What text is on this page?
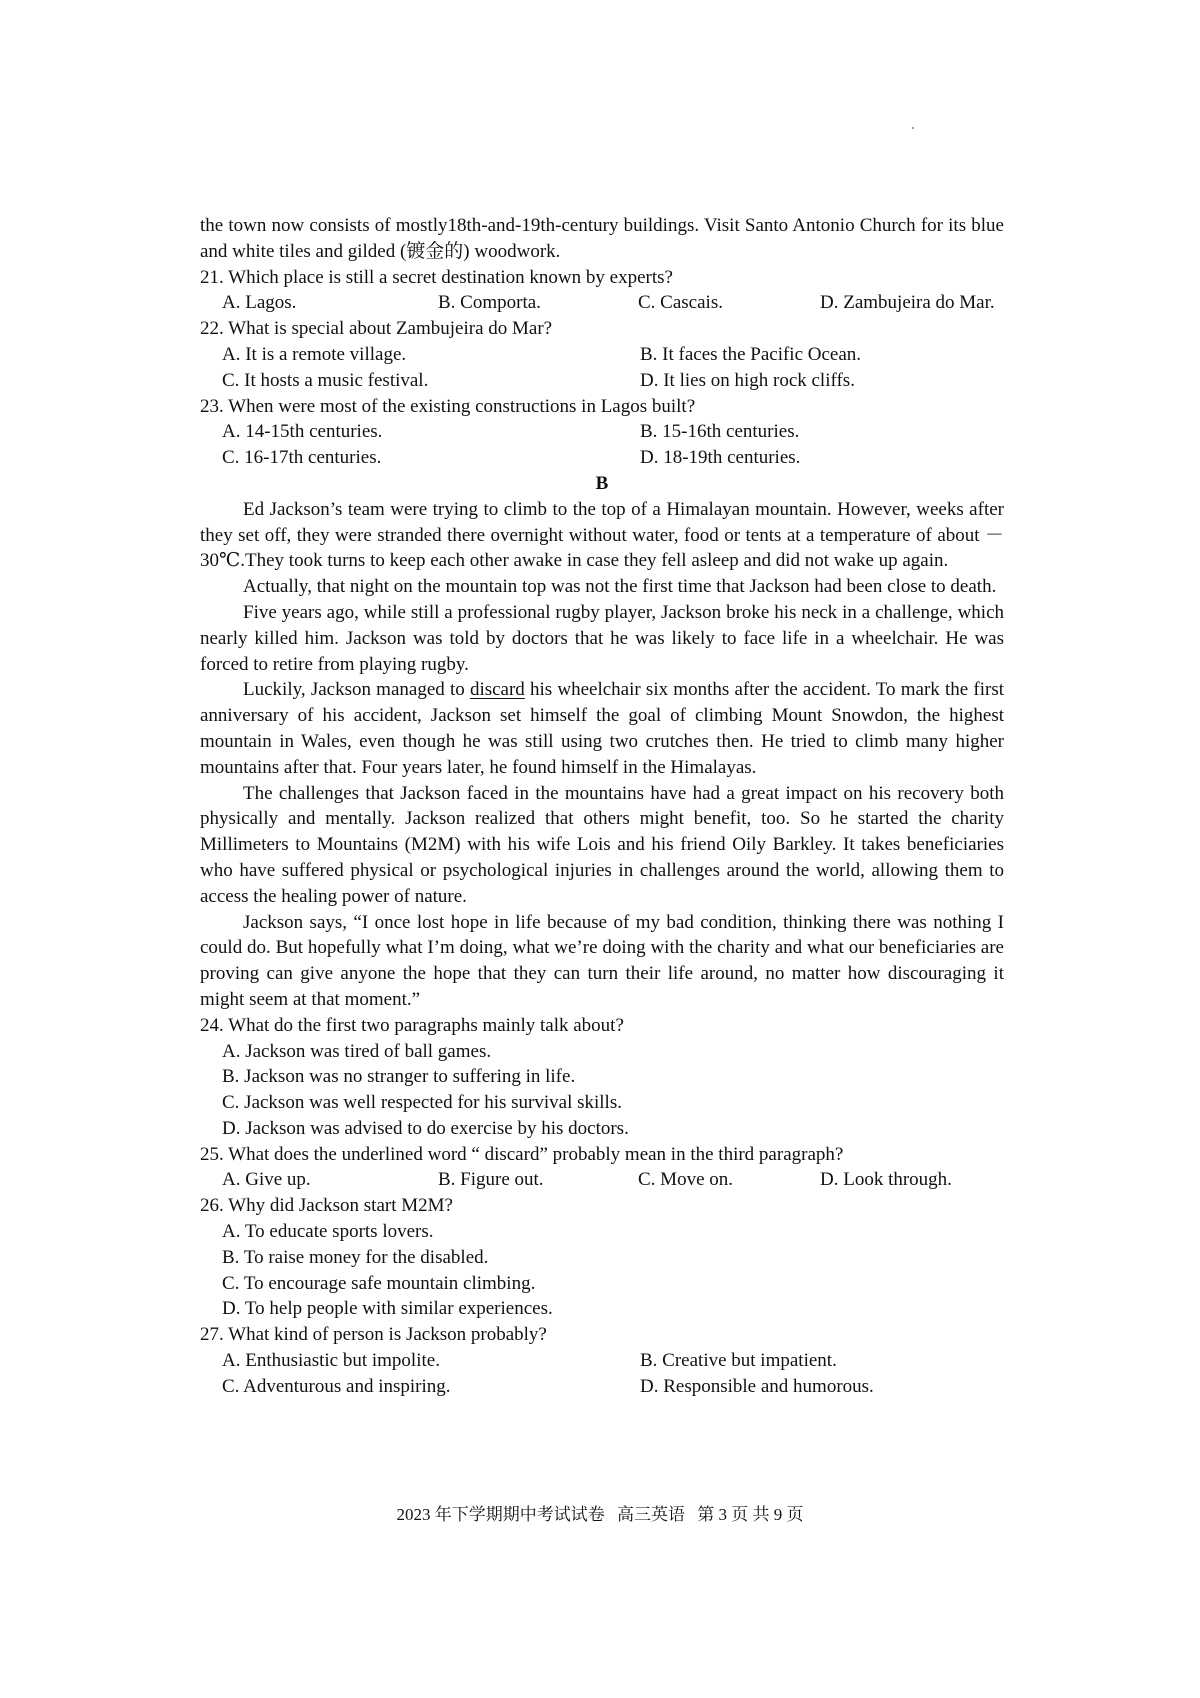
the town now consists of mostly18th-and-19th-century buildings. Visit Santo Antonio Church for its blue and white tiles and gilded (镀金的) woodwork.

21. Which place is still a secret destination known by experts?

A. Lagos.	B. Comporta.	C. Cascais.	D. Zambujeira do Mar.

22. What is special about Zambujeira do Mar?

A. It is a remote village.	B. It faces the Pacific Ocean.
C. It hosts a music festival.	D. It lies on high rock cliffs.

23. When were most of the existing constructions in Lagos built?

A. 14-15th centuries.	B. 15-16th centuries.
C. 16-17th centuries.	D. 18-19th centuries.

B

Ed Jackson’s team were trying to climb to the top of a Himalayan mountain. However, weeks after they set off, they were stranded there overnight without water, food or tents at a temperature of about －30℃.They took turns to keep each other awake in case they fell asleep and did not wake up again.

Actually, that night on the mountain top was not the first time that Jackson had been close to death.

Five years ago, while still a professional rugby player, Jackson broke his neck in a challenge, which nearly killed him. Jackson was told by doctors that he was likely to face life in a wheelchair. He was forced to retire from playing rugby.

Luckily, Jackson managed to discard his wheelchair six months after the accident. To mark the first anniversary of his accident, Jackson set himself the goal of climbing Mount Snowdon, the highest mountain in Wales, even though he was still using two crutches then. He tried to climb many higher mountains after that. Four years later, he found himself in the Himalayas.

The challenges that Jackson faced in the mountains have had a great impact on his recovery both physically and mentally. Jackson realized that others might benefit, too. So he started the charity Millimeters to Mountains (M2M) with his wife Lois and his friend Oily Barkley. It takes beneficiaries who have suffered physical or psychological injuries in challenges around the world, allowing them to access the healing power of nature.

Jackson says, “I once lost hope in life because of my bad condition, thinking there was nothing I could do. But hopefully what I’m doing, what we’re doing with the charity and what our beneficiaries are proving can give anyone the hope that they can turn their life around, no matter how discouraging it might seem at that moment.”

24. What do the first two paragraphs mainly talk about?

A. Jackson was tired of ball games.
B. Jackson was no stranger to suffering in life.
C. Jackson was well respected for his survival skills.
D. Jackson was advised to do exercise by his doctors.

25. What does the underlined word “ discard” probably mean in the third paragraph?

A. Give up.	B. Figure out.	C. Move on.	D. Look through.

26. Why did Jackson start M2M?

A. To educate sports lovers.
B. To raise money for the disabled.
C. To encourage safe mountain climbing.
D. To help people with similar experiences.

27. What kind of person is Jackson probably?

A. Enthusiastic but impolite.	B. Creative but impatient.
C. Adventurous and inspiring.	D. Responsible and humorous.
2023 年下学期期中考试试卷 高三英语 第 3 页 共 9 页
